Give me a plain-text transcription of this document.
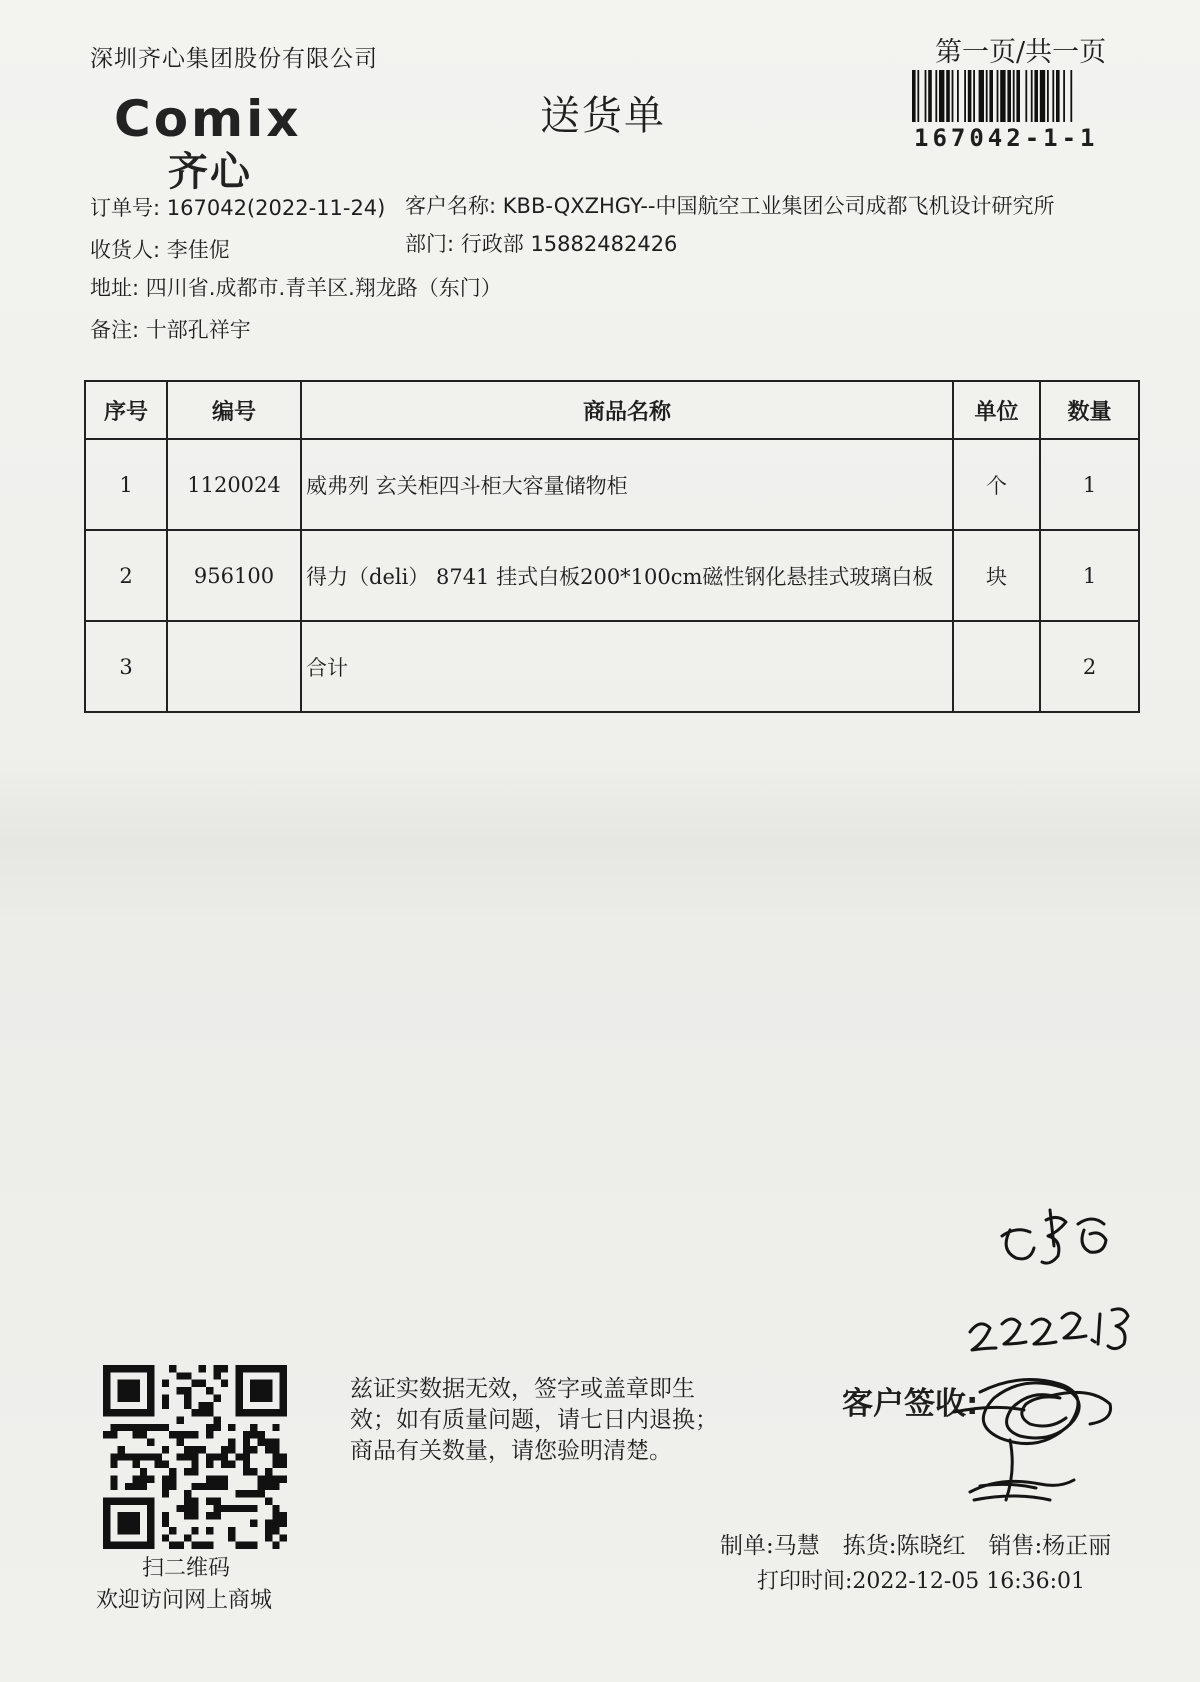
深圳齐心集团股份有限公司
Comix
齐心
送货单
第一页/共一页
167042-1-1
订单号: 167042(2022-11-24) 客户名称: KBB-QXZHGY--中国航空工业集团公司成都飞机设计研究所
收货人: 李佳伲	部门: 行政部 15882482426
地址: 四川省.成都市.青羊区.翔龙路（东门）
备注: 十部孔祥宇
序号	编号	商品名称	单位	数量
1	1120024	威弗列 玄关柜四斗柜大容量储物柜	个	1
2	956100	得力（deli） 8741 挂式白板200*100cm磁性钢化悬挂式玻璃白板	块	1
3		合计		2
扫二维码
欢迎访问网上商城
兹证实数据无效，签字或盖章即生
效；如有质量问题，请七日内退换；
商品有关数量，请您验明清楚。
客户签收:
制单:马慧　拣货:陈晓红　销售:杨正丽
打印时间:2022-12-05 16:36:01
